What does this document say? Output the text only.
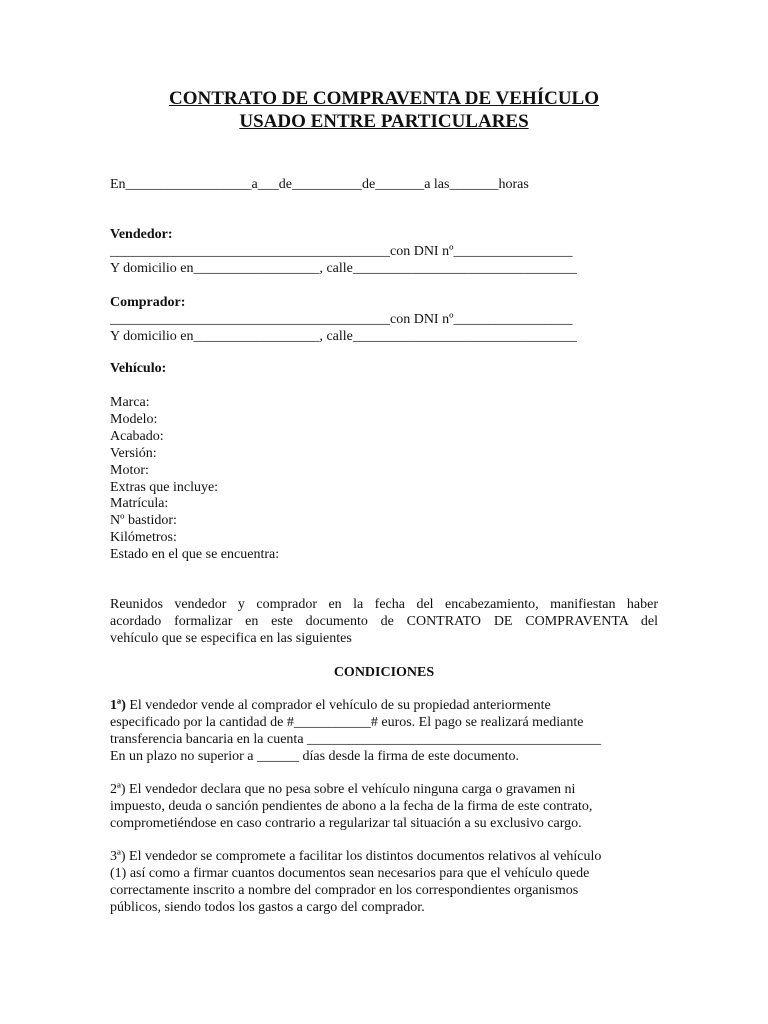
CONTRATO DE COMPRAVENTA DE VEHÍCULO
USADO ENTRE PARTICULARES

En__________________a___de__________de_______a las_______horas

Vendedor:

________________________________________con DNI nº_________________

Y domicilio en__________________, calle________________________________

Comprador:

________________________________________con DNI nº_________________

Y domicilio en__________________, calle________________________________

Vehículo:

Marca:

Modelo:

Acabado:

Versión:

Motor:

Extras que incluye:

Matrícula:

Nº bastidor:

Kilómetros:

Estado en el que se encuentra:

Reunidos vendedor y comprador en la fecha del encabezamiento, manifiestan haber

acordado formalizar en este documento de CONTRATO DE COMPRAVENTA del

vehículo que se especifica en las siguientes

CONDICIONES

1ª) El vendedor vende al comprador el vehículo de su propiedad anteriormente

especificado por la cantidad de #___________# euros. El pago se realizará mediante

transferencia bancaria en la cuenta __________________________________________

En un plazo no superior a ______ días desde la firma de este documento.

2ª) El vendedor declara que no pesa sobre el vehículo ninguna carga o gravamen ni

impuesto, deuda o sanción pendientes de abono a la fecha de la firma de este contrato,

comprometiéndose en caso contrario a regularizar tal situación a su exclusivo cargo.

3ª) El vendedor se compromete a facilitar los distintos documentos relativos al vehículo

(1) así como a firmar cuantos documentos sean necesarios para que el vehículo quede

correctamente inscrito a nombre del comprador en los correspondientes organismos

públicos, siendo todos los gastos a cargo del comprador.
